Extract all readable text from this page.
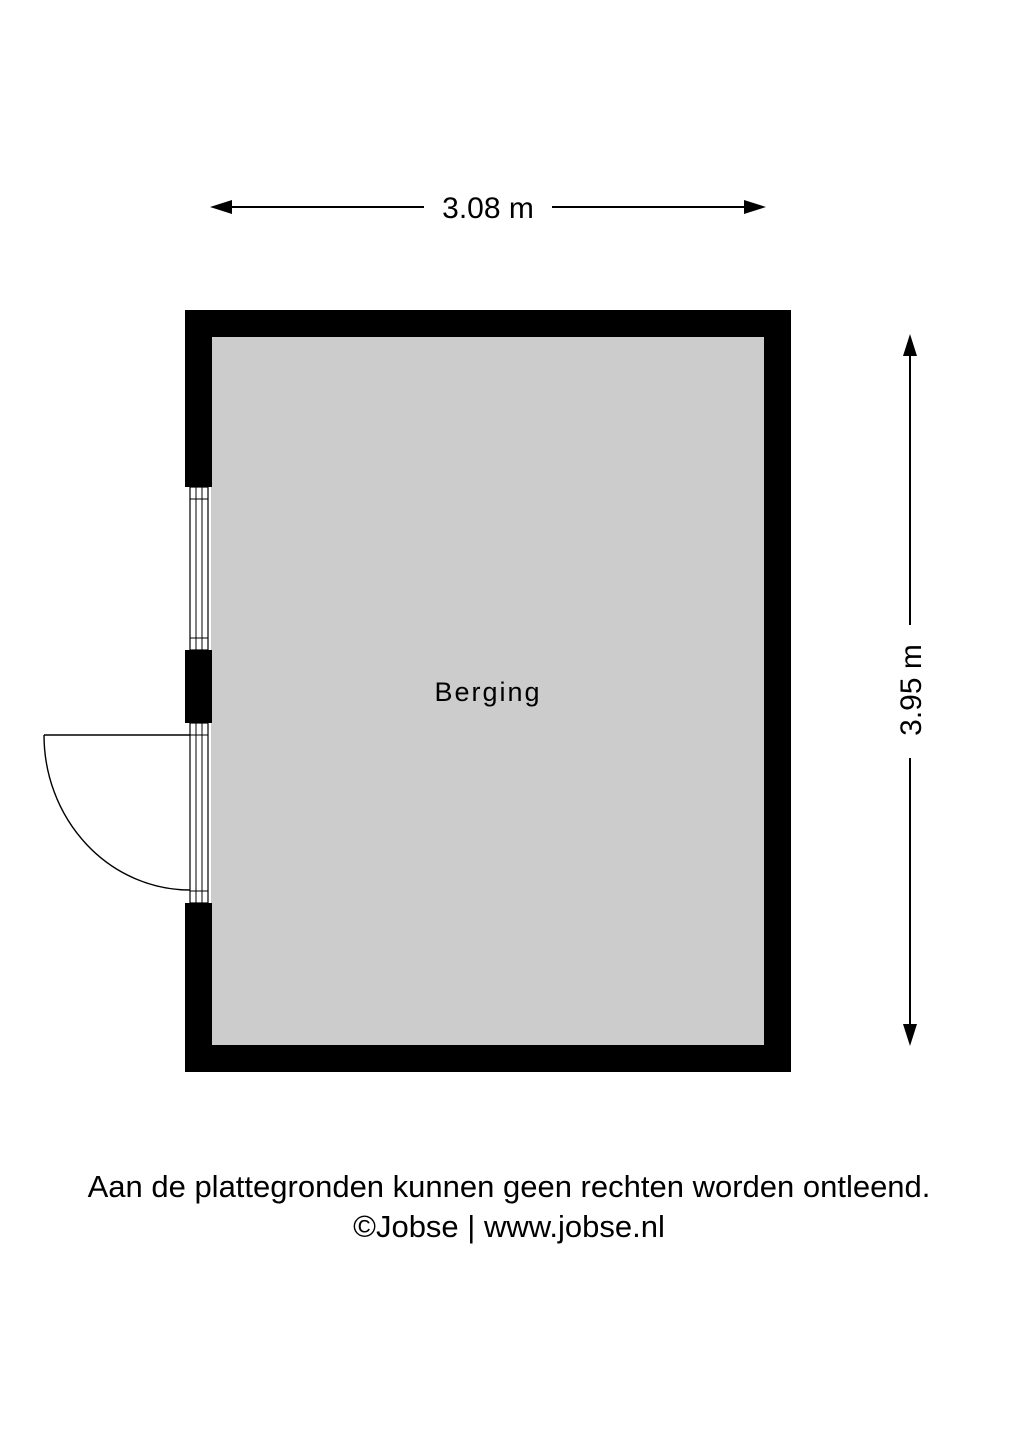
3.08 m
3.95 m
Berging
Aan de plattegronden kunnen geen rechten worden ontleend.
©Jobse | www.jobse.nl
